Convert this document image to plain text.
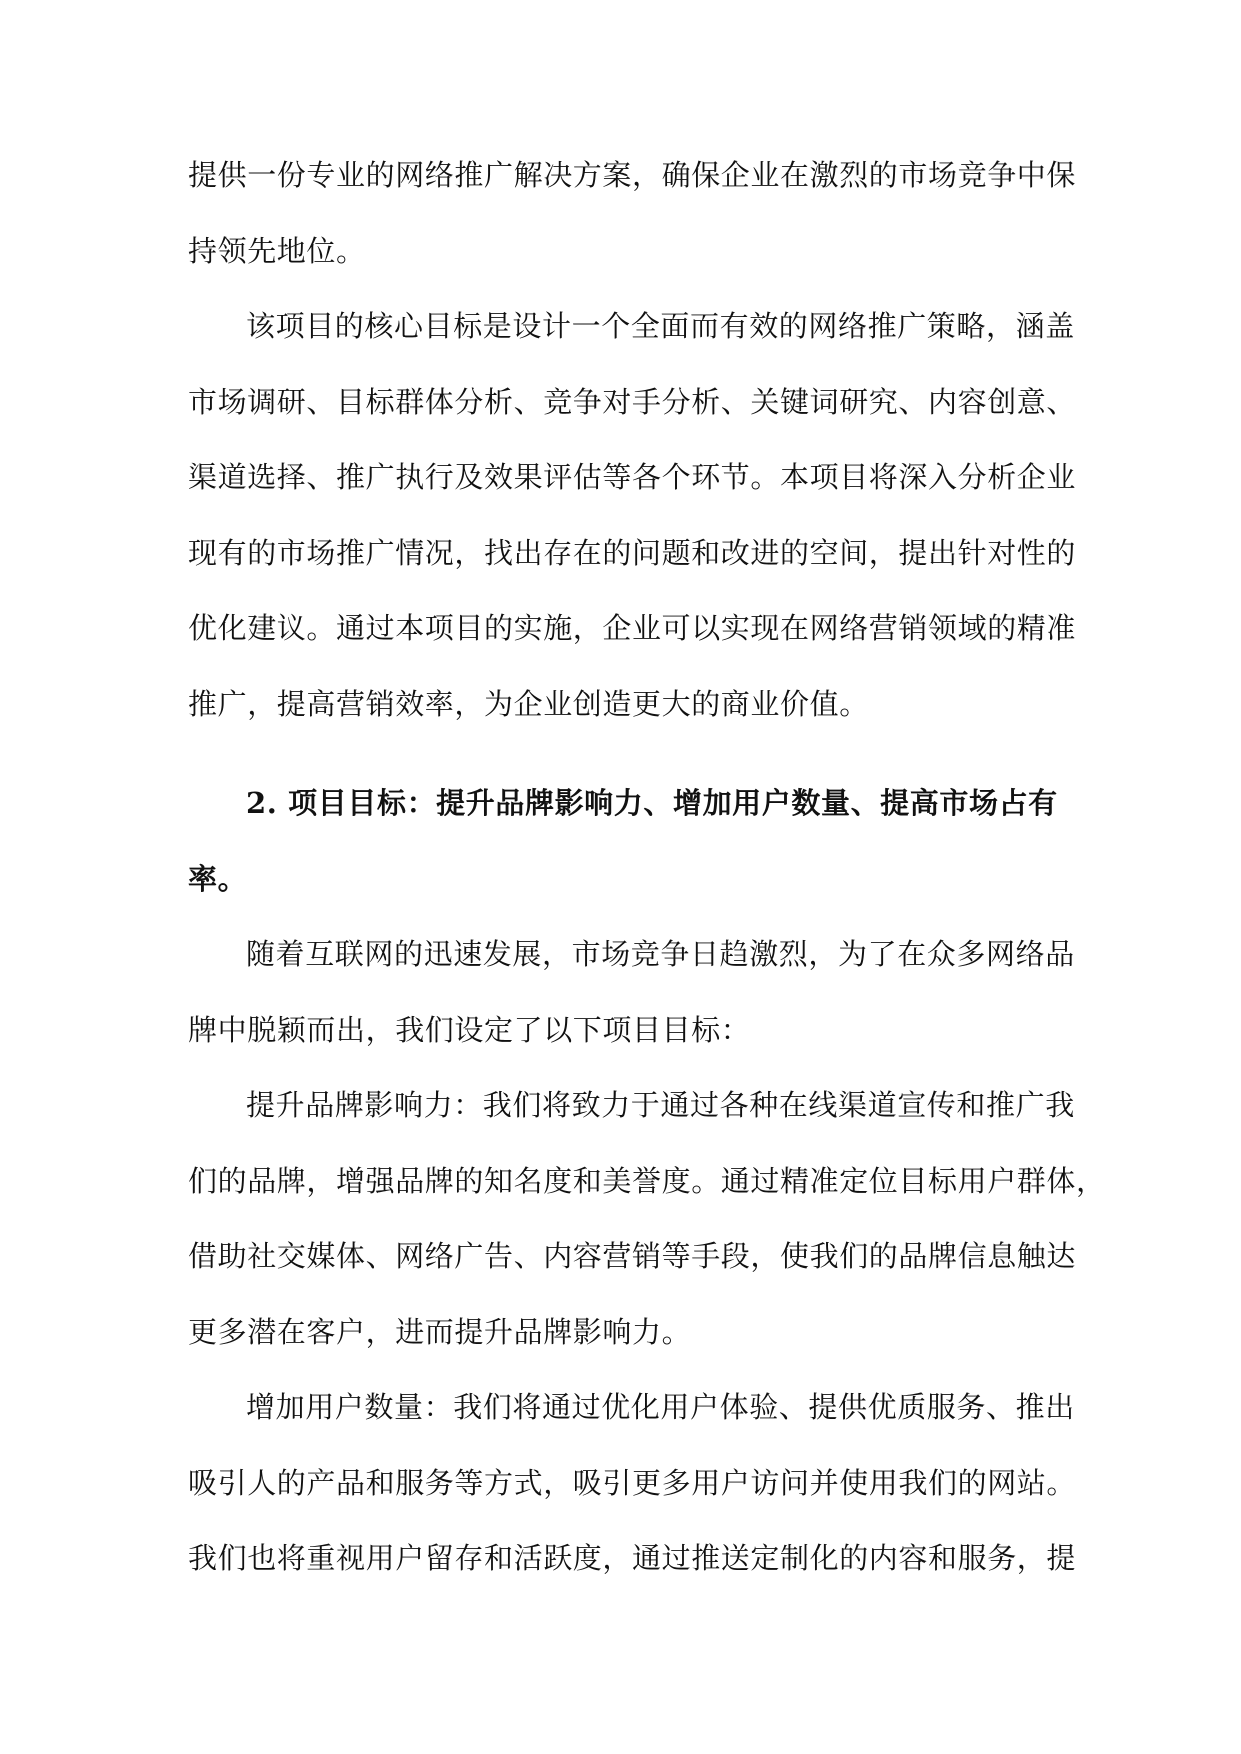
提供一份专业的网络推广解决方案，确保企业在激烈的市场竞争中保
持领先地位。
该项目的核心目标是设计一个全面而有效的网络推广策略，涵盖
市场调研、目标群体分析、竞争对手分析、关键词研究、内容创意、
渠道选择、推广执行及效果评估等各个环节。本项目将深入分析企业
现有的市场推广情况，找出存在的问题和改进的空间，提出针对性的
优化建议。通过本项目的实施，企业可以实现在网络营销领域的精准
推广，提高营销效率，为企业创造更大的商业价值。
2. 项目目标：提升品牌影响力、增加用户数量、提高市场占有
率。
随着互联网的迅速发展，市场竞争日趋激烈，为了在众多网络品
牌中脱颖而出，我们设定了以下项目目标：
提升品牌影响力：我们将致力于通过各种在线渠道宣传和推广我
们的品牌，增强品牌的知名度和美誉度。通过精准定位目标用户群体，
借助社交媒体、网络广告、内容营销等手段，使我们的品牌信息触达
更多潜在客户，进而提升品牌影响力。
增加用户数量：我们将通过优化用户体验、提供优质服务、推出
吸引人的产品和服务等方式，吸引更多用户访问并使用我们的网站。
我们也将重视用户留存和活跃度，通过推送定制化的内容和服务，提
